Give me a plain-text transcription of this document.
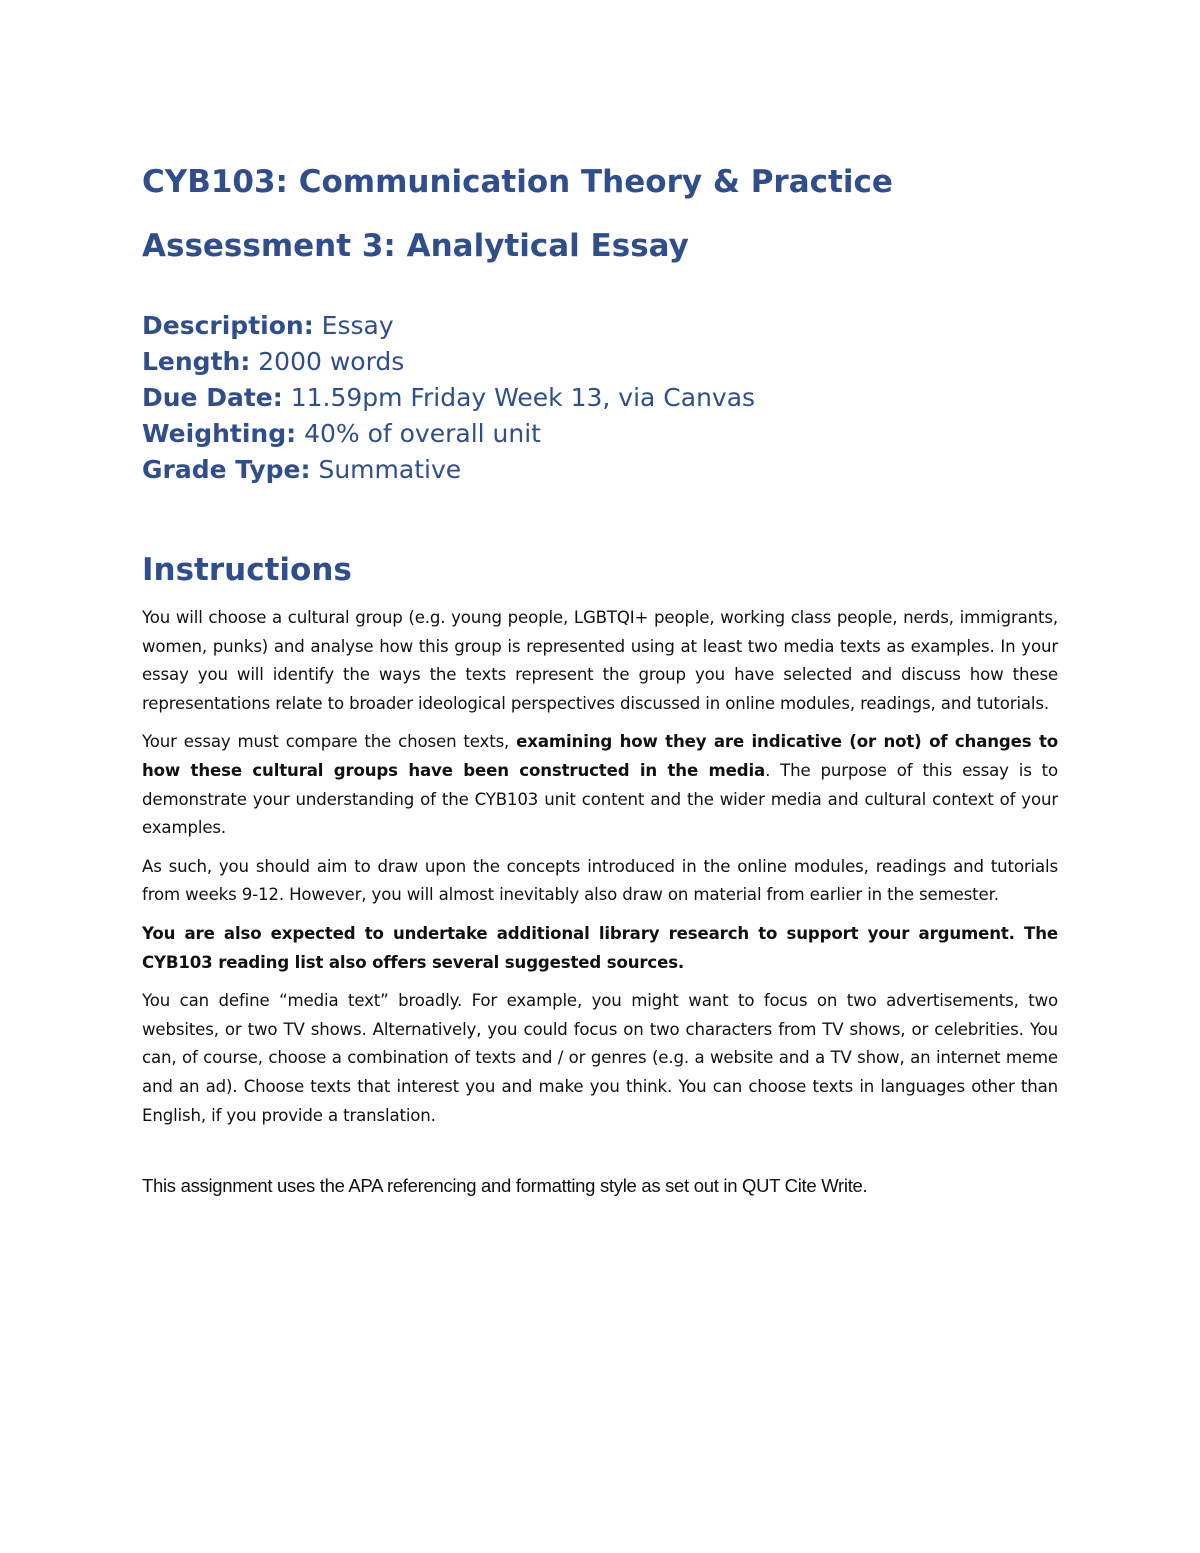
CYB103: Communication Theory & Practice
Assessment 3: Analytical Essay
Description: Essay
Length: 2000 words
Due Date: 11.59pm Friday Week 13, via Canvas
Weighting: 40% of overall unit
Grade Type: Summative
Instructions

You will choose a cultural group (e.g. young people, LGBTQI+ people, working class people, nerds, immigrants, women, punks) and analyse how this group is represented using at least two media texts as examples. In your essay you will identify the ways the texts represent the group you have selected and discuss how these representations relate to broader ideological perspectives discussed in online modules, readings, and tutorials.

Your essay must compare the chosen texts, examining how they are indicative (or not) of changes to how these cultural groups have been constructed in the media. The purpose of this essay is to demonstrate your understanding of the CYB103 unit content and the wider media and cultural context of your examples.

As such, you should aim to draw upon the concepts introduced in the online modules, readings and tutorials from weeks 9-12. However, you will almost inevitably also draw on material from earlier in the semester.

You are also expected to undertake additional library research to support your argument. The CYB103 reading list also offers several suggested sources.

You can define “media text” broadly. For example, you might want to focus on two advertisements, two websites, or two TV shows. Alternatively, you could focus on two characters from TV shows, or celebrities. You can, of course, choose a combination of texts and / or genres (e.g. a website and a TV show, an internet meme and an ad). Choose texts that interest you and make you think. You can choose texts in languages other than English, if you provide a translation.

This assignment uses the APA referencing and formatting style as set out in QUT Cite Write.
